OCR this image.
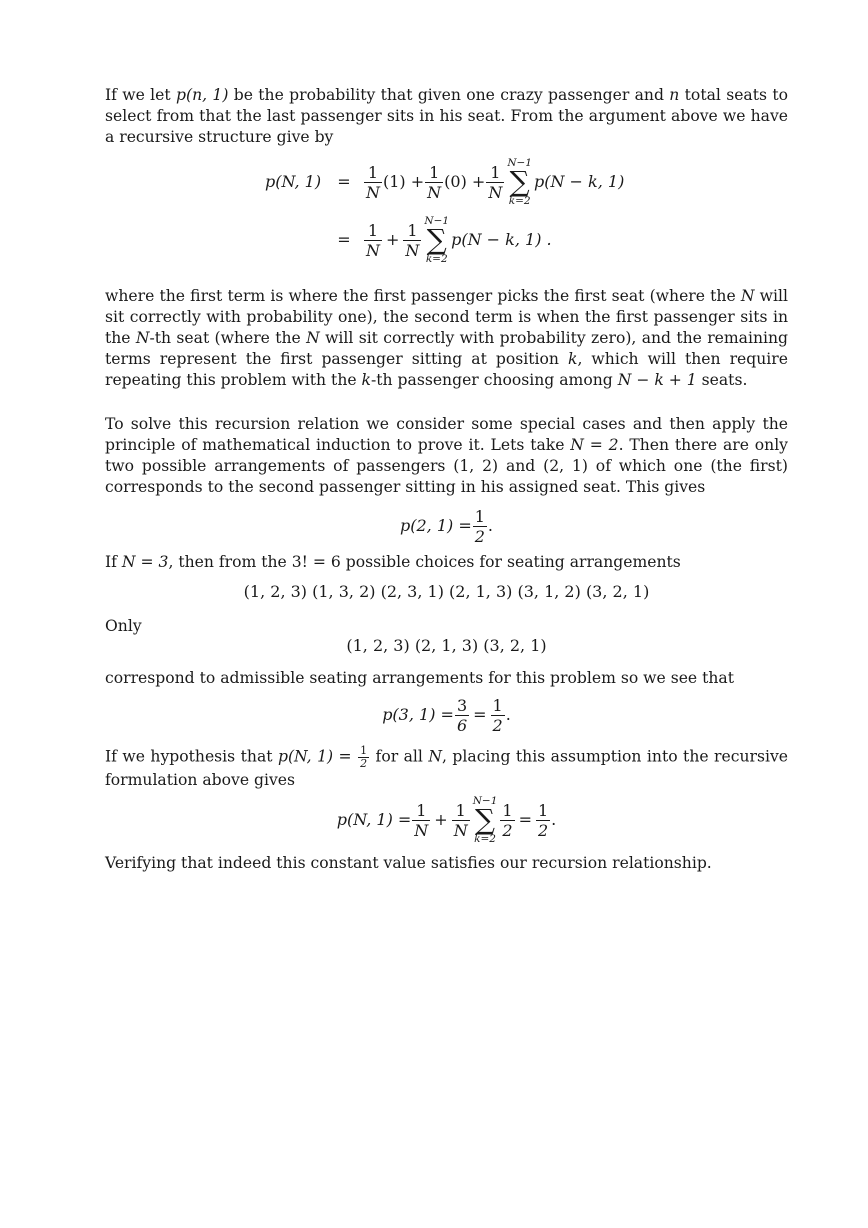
If we let p(n, 1) be the probability that given one crazy passenger and n total seats to select from that the last passenger sits in his seat. From the argument above we have a recursive structure give by

p(N, 1)	= $\frac{1}{N} (1) + \frac{1}{N} (0) + \frac{1}{N} N-1$
∑
k=2
p(N − k, 1)
= $\frac{1}{N} + \frac{1}{N} N-1$
∑
k=2
p(N − k, 1) .

where the first term is where the first passenger picks the first seat (where the N will sit correctly with probability one), the second term is when the first passenger sits in the N-th seat (where the N will sit correctly with probability zero), and the remaining terms represent the first passenger sitting at position k, which will then require repeating this problem with the k-th passenger choosing among N − k + 1 seats.

To solve this recursion relation we consider some special cases and then apply the principle of mathematical induction to prove it. Lets take N = 2. Then there are only two possible arrangements of passengers (1, 2) and (2, 1) of which one (the first) corresponds to the second passenger sitting in his assigned seat. This gives

p(2, $1) = \frac{1}{2}$ .

If N = 3, then from the 3! = 6 possible choices for seating arrangements

(1, 2, 3) (1, 3, 2) (2, 3, 1) (2, 1, 3) (3, 1, 2) (3, 2, 1)

Only

(1, 2, 3) (2, 1, 3) (3, 2, 1)

correspond to admissible seating arrangements for this problem so we see that

p(3, $1) = \frac{3}{6} = \frac{1}{2}$ .

If we hypothesis that p(N, $1) = \frac{1}{2}$ for all N, placing this assumption into the recursive formulation above gives

p(N, $1) = \frac{1}{N} + \frac{1}{N} N-1$
∑
$k=2 \frac{1}{2} = \frac{1}{2}$ .

Verifying that indeed this constant value satisfies our recursion relationship.
